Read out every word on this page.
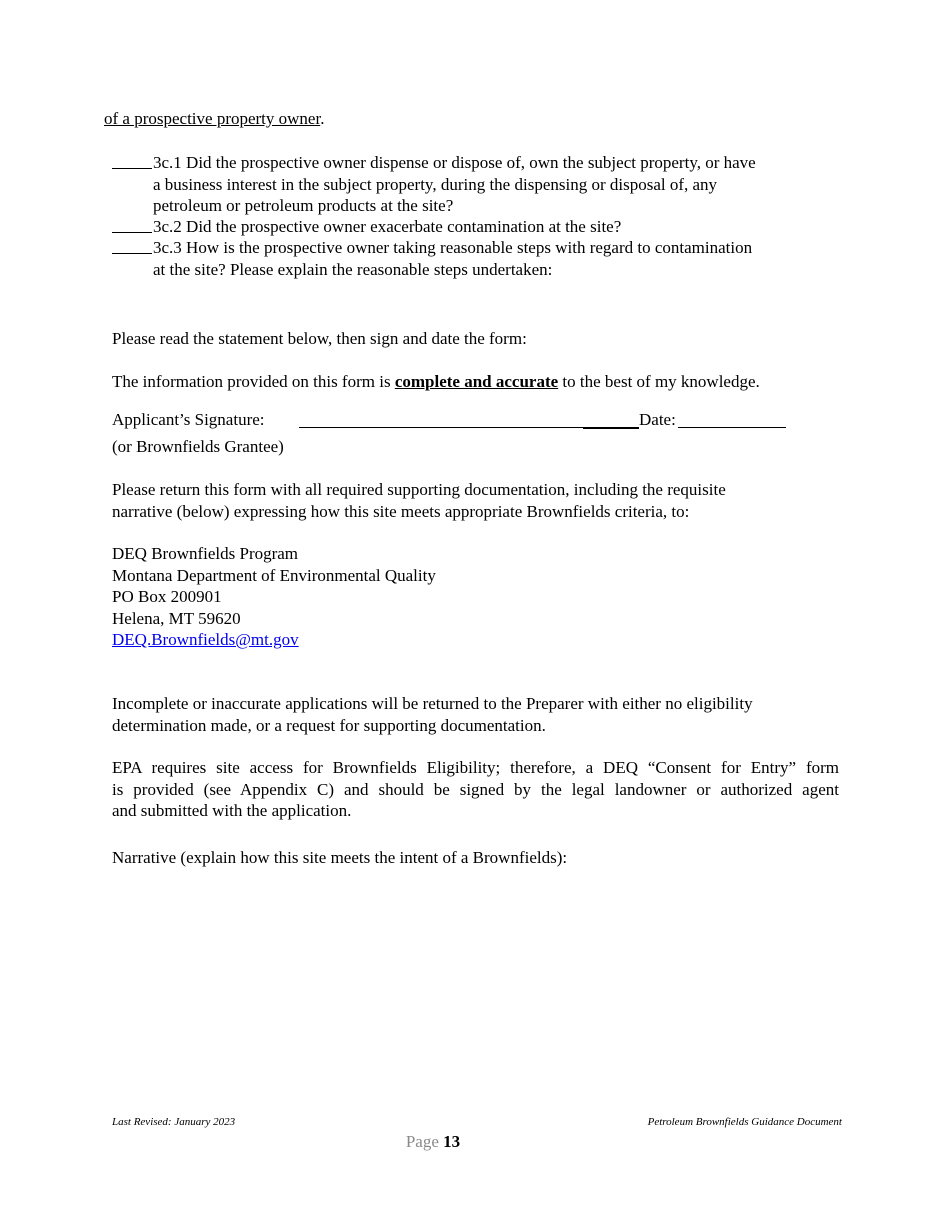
of a prospective property owner.
3c.1 Did the prospective owner dispense or dispose of, own the subject property, or have
a business interest in the subject property, during the dispensing or disposal of, any
petroleum or petroleum products at the site?
3c.2 Did the prospective owner exacerbate contamination at the site?
3c.3 How is the prospective owner taking reasonable steps with regard to contamination
at the site? Please explain the reasonable steps undertaken:
Please read the statement below, then sign and date the form:
The information provided on this form is complete and accurate to the best of my knowledge.
Applicant’s Signature:	Date:
(or Brownfields Grantee)
Please return this form with all required supporting documentation, including the requisite
narrative (below) expressing how this site meets appropriate Brownfields criteria, to:
DEQ Brownfields Program
Montana Department of Environmental Quality
PO Box 200901
Helena, MT 59620
DEQ.Brownfields@mt.gov
Incomplete or inaccurate applications will be returned to the Preparer with either no eligibility
determination made, or a request for supporting documentation.
EPA requires site access for Brownfields Eligibility; therefore, a DEQ “Consent for Entry” form
is provided (see Appendix C) and should be signed by the legal landowner or authorized agent
and submitted with the application.
Narrative (explain how this site meets the intent of a Brownfields):
Last Revised: January 2023	Petroleum Brownfields Guidance Document
Page 13
